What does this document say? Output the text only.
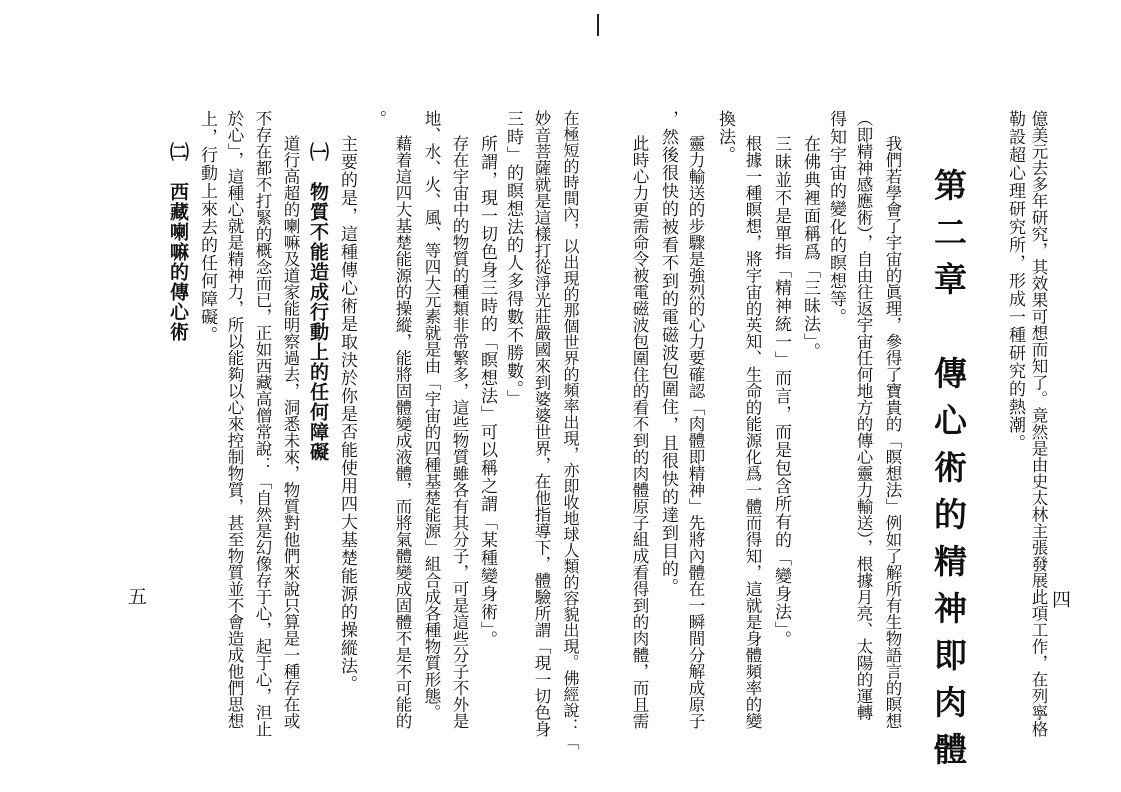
四
億美元去多年研究，其效果可想而知了。竟然是由史太林主張發展此項工作，在列寧格
勒設超心理研究所，形成一種研究的熱潮。
第二章　傳心術的精神即肉體
我們若學會了宇宙的眞理，參得了寶貴的「瞑想法」例如了解所有生物語言的瞑想
（即精神感應術），自由往返宇宙任何地方的傳心靈力輸送），根據月亮、太陽的運轉
得知宇宙的變化的瞑想等。
在佛典裡面稱爲「三昧法」。
三昧並不是單指「精神統一」而言，而是包含所有的「變身法」。
根據一種瞑想，將宇宙的英知、生命的能源化爲一體而得知，這就是身體頻率的變
換法。
靈力輸送的步驟是強烈的心力要確認「肉體即精神」先將內體在一瞬間分解成原子
，然後很快的被看不到的電磁波包圍住，且很快的達到目的。
此時心力更需命令被電磁波包圍住的看不到的肉體原子組成看得到的肉體，而且需
五	在極短的時間內，以出現的那個世界的頻率出現，亦即收地球人類的容貌出現。佛經說：「
妙音菩薩就是這樣打從淨光莊嚴國來到婆婆世界，在他指導下，體驗所謂「現一切色身
三時」的瞑想法的人多得數不勝數。」
所謂，現一切色身三時的「瞑想法」可以稱之謂「某種變身術」。
存在宇宙中的物質的種類非常繁多，這些物質雖各有其分子，可是這些分子不外是
地、水、火、風、等四大元素就是由「宇宙的四種基楚能源」組合成各種物質形態。
藉着這四大基楚能源的操縱，能將固體變成液體，而將氣體變成固體不是不可能的
。
主要的是，這種傳心術是取決於你是否能使用四大基楚能源的操縱法。
㈠　物質不能造成行動上的任何障礙
道行高超的喇嘛及道家能明察過去，洞悉未來，物質對他們來說只算是一種存在或
不存在都不打緊的概念而已，正如西藏高僧常說：「自然是幻像存于心，起于心，泹止
於心」，這種心就是精神力，所以能夠以心來控制物質，甚至物質並不會造成他們思想
上，行動上來去的任何障礙。
㈡　西藏喇嘛的傳心術
